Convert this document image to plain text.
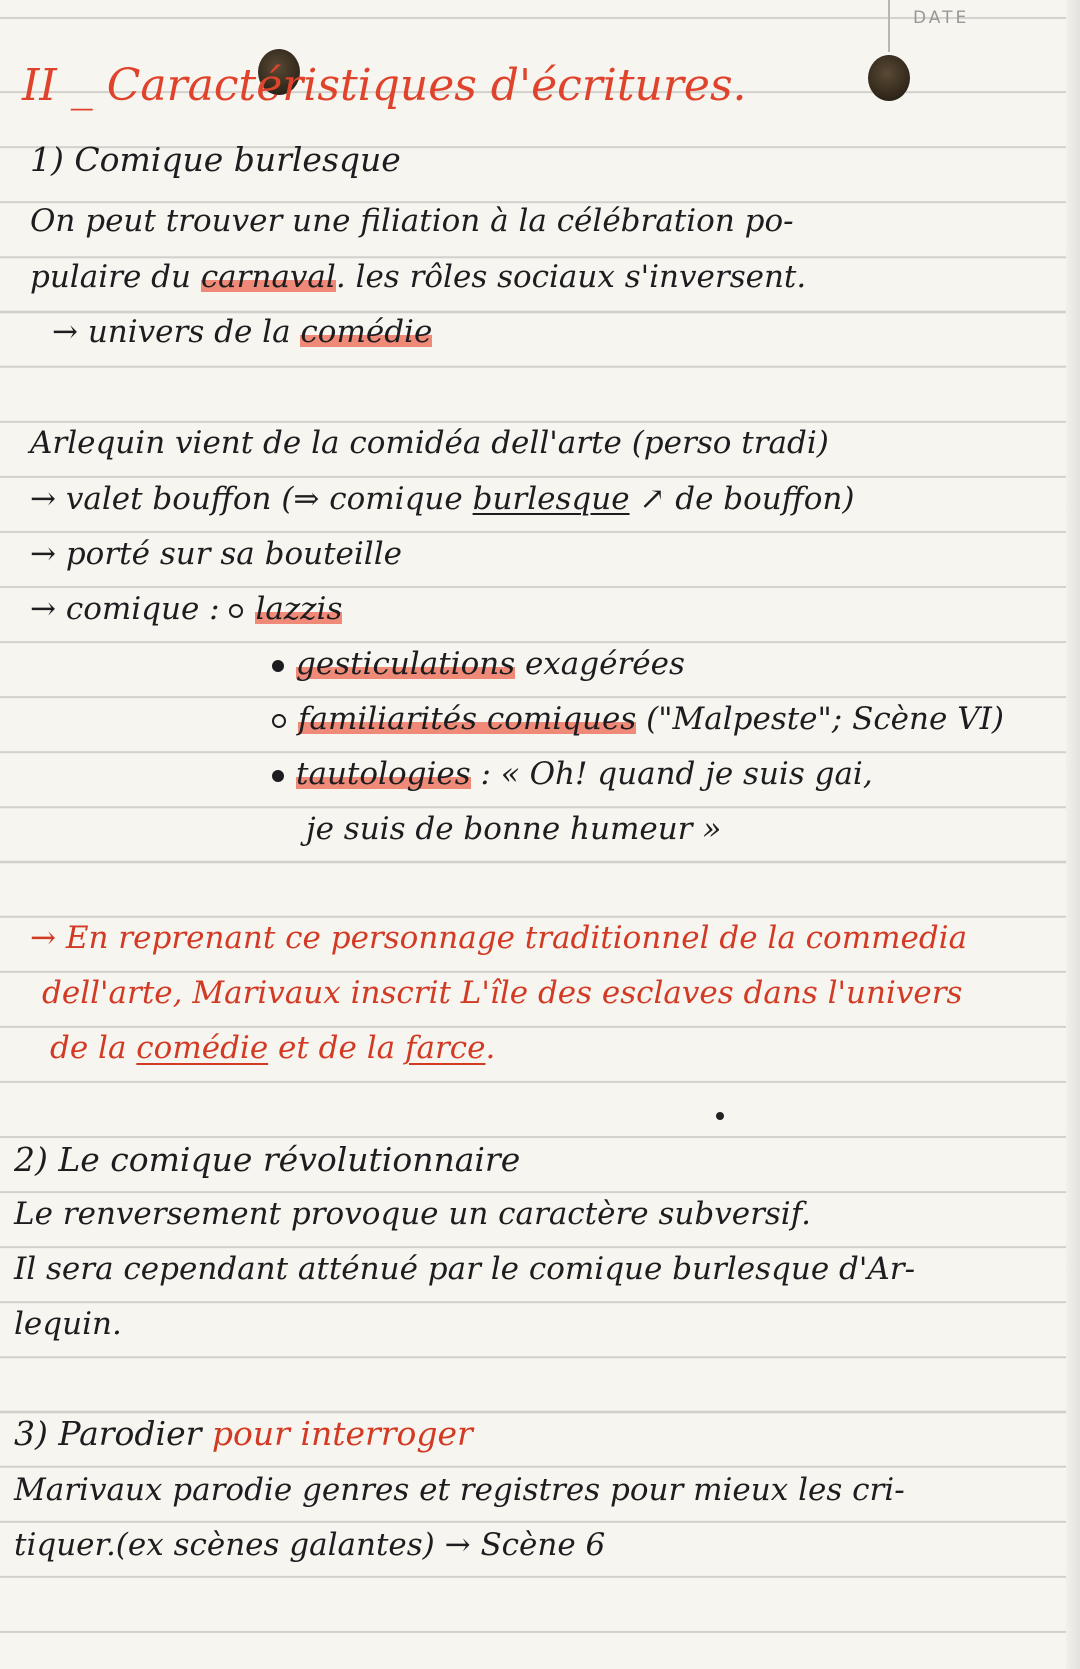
DATE
II _ Caractéristiques d'écritures.
1) Comique burlesque
On peut trouver une filiation à la célébration po-
pulaire du carnaval. les rôles sociaux s'inversent.
→ univers de la comédie
Arlequin vient de la comidéa dell'arte (perso tradi)
→ valet bouffon (⇒ comique burlesque ↗ de bouffon)
→ porté sur sa bouteille
→ comique : lazzis
gesticulations exagérées
familiarités comiques ("Malpeste"; Scène VI)
tautologies : « Oh! quand je suis gai,
je suis de bonne humeur »
→ En reprenant ce personnage traditionnel de la commedia
dell'arte, Marivaux inscrit L'île des esclaves dans l'univers
de la comédie et de la farce.
2) Le comique révolutionnaire
Le renversement provoque un caractère subversif.
Il sera cependant atténué par le comique burlesque d'Ar-
lequin.
3) Parodier pour interroger
Marivaux parodie genres et registres pour mieux les cri-
tiquer.(ex scènes galantes) → Scène 6
